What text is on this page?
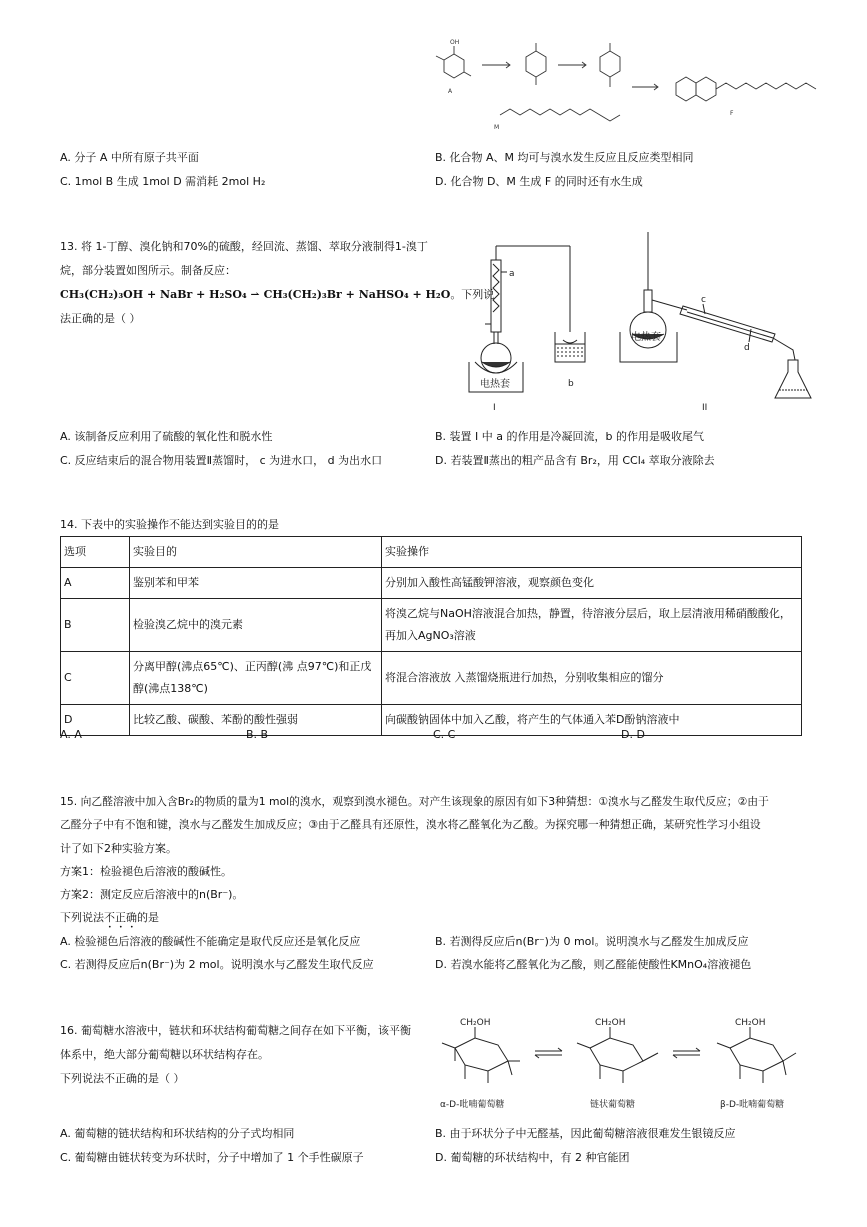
OH
A
M
F
A. 分子 A 中所有原子共平面	B. 化合物 A、M 均可与溴水发生反应且反应类型相同
C. 1mol B 生成 1mol D 需消耗 2mol H₂	D. 化合物 D、M 生成 F 的同时还有水生成
13. 将 1-丁醇、溴化钠和70%的硫酸，经回流、蒸馏、萃取分液制得1-溴丁
烷，部分装置如图所示。制备反应：
CH₃(CH₂)₃OH + NaBr + H₂SO₄ ⇀ CH₃(CH₂)₃Br + NaHSO₄ + H₂O。下列说
法正确的是（ ）
a
b
c
d
电热套
电热套
I	II
A. 该制备反应利用了硫酸的氧化性和脱水性	B. 装置 I 中 a 的作用是冷凝回流，b 的作用是吸收尾气
C. 反应结束后的混合物用装置Ⅱ蒸馏时， c 为进水口， d 为出水口	D. 若装置Ⅱ蒸出的粗产品含有 Br₂，用 CCl₄ 萃取分液除去
14. 下表中的实验操作不能达到实验目的的是
选项	实验目的	实验操作
A	鉴别苯和甲苯	分别加入酸性高锰酸钾溶液，观察颜色变化
B	检验溴乙烷中的溴元素	将溴乙烷与NaOH溶液混合加热，静置，待溶液分层后，取上层清液用稀硝酸酸化，再加入AgNO₃溶液
C	分离甲醇(沸点65℃)、正丙醇(沸 点97℃)和正戊醇(沸点138℃)	将混合溶液放 入蒸馏烧瓶进行加热，分别收集相应的馏分
D	比较乙酸、碳酸、苯酚的酸性强弱	向碳酸钠固体中加入乙酸，将产生的气体通入苯D酚钠溶液中
A. A	B. B	C. C	D. D
15. 向乙醛溶液中加入含Br₂的物质的量为1 mol的溴水，观察到溴水褪色。对产生该现象的原因有如下3种猜想：①溴水与乙醛发生取代反应；②由于
乙醛分子中有不饱和键，溴水与乙醛发生加成反应；③由于乙醛具有还原性，溴水将乙醛氧化为乙酸。为探究哪一种猜想正确，某研究性学习小组设
计了如下2种实验方案。
方案1：检验褪色后溶液的酸碱性。
方案2：测定反应后溶液中的n(Br⁻)。
下列说法不正确的是
A. 检验褪色后溶液的酸碱性不能确定是取代反应还是氧化反应	B. 若测得反应后n(Br⁻)为 0 mol。说明溴水与乙醛发生加成反应
C. 若测得反应后n(Br⁻)为 2 mol。说明溴水与乙醛发生取代反应	D. 若溴水能将乙醛氧化为乙酸，则乙醛能使酸性KMnO₄溶液褪色
16. 葡萄糖水溶液中，链状和环状结构葡萄糖之间存在如下平衡，该平衡
体系中，绝大部分葡萄糖以环状结构存在。
下列说法不正确的是（ ）
CH₂OH	CH₂OH	CH₂OH
α-D-吡喃葡萄糖	链状葡萄糖	β-D-吡喃葡萄糖
A. 葡萄糖的链状结构和环状结构的分子式均相同	B. 由于环状分子中无醛基，因此葡萄糖溶液很难发生银镜反应
C. 葡萄糖由链状转变为环状时，分子中增加了 1 个手性碳原子	D. 葡萄糖的环状结构中，有 2 种官能团
